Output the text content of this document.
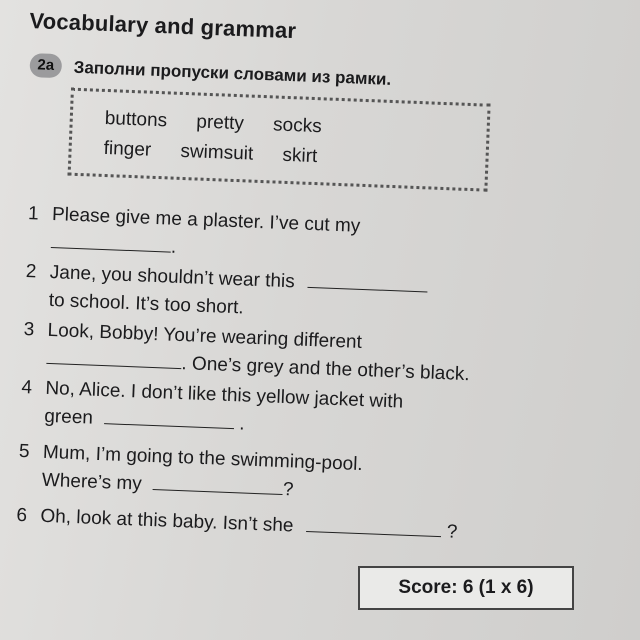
Vocabulary and grammar
2a	Заполни пропуски словами из рамки.
buttons pretty socks
finger swimsuit skirt
1 Please give me a plaster. I’ve cut my
.
2 Jane, you shouldn’t wear this
to school. It’s too short.
3 Look, Bobby! You’re wearing different
. One’s grey and the other’s black.
4 No, Alice. I don’t like this yellow jacket with
green	.
5 Mum, I’m going to the swimming-pool.
Where’s my	?
6 Oh, look at this baby. Isn’t she	?
Score: 6 (1 x 6)
